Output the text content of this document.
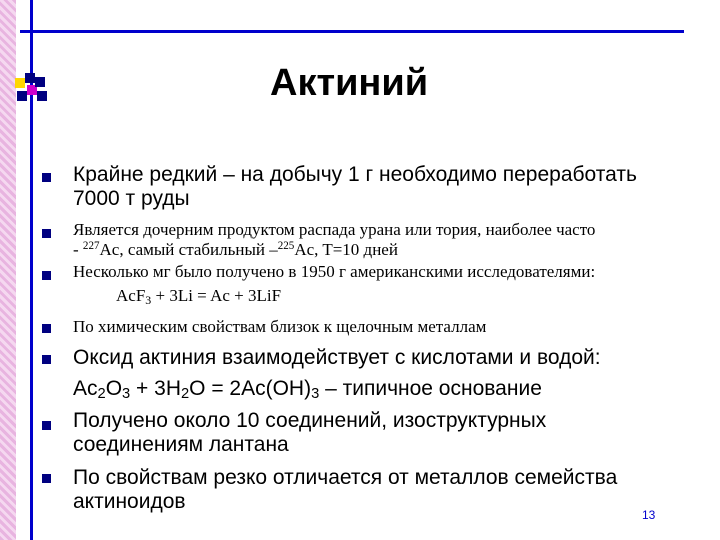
Актиний
Крайне редкий – на добычу 1 г необходимо переработать
7000 т руды
Является дочерним продуктом распада урана или тория, наиболее часто
- $^{227}$Ac, самый стабильный –$^{225}$Ac, T=10 дней
Несколько мг было получено в 1950 г американскими исследователями:
AcF$_3$ + 3Li = Ac + 3LiF
По химическим свойствам близок к щелочным металлам
Оксид актиния взаимодействует с кислотами и водой:
$Ac_2O_3 + 3H_2O = 2Ac(OH)_3$ – типичное основание
Получено около 10 соединений, изоструктурных
соединениям лантана
По свойствам резко отличается от металлов семейства
актиноидов
13
